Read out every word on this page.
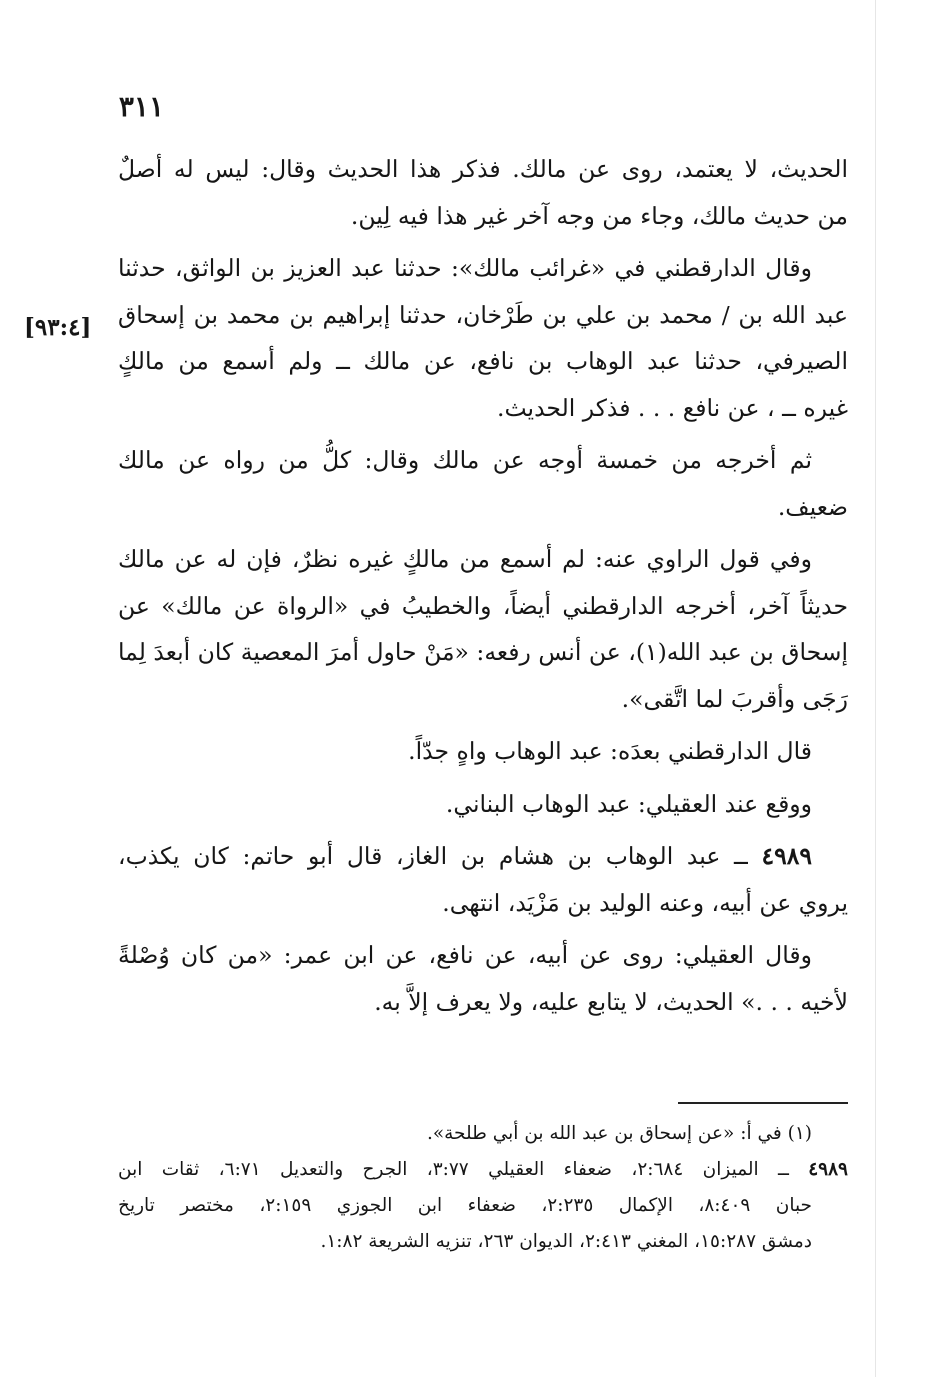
٣١١
[٩٣:٤]
الحديث، لا يعتمد، روى عن مالك. فذكر هذا الحديث وقال: ليس له أصلٌ
من حديث مالك، وجاء من وجه آخر غير هذا فيه لِين.
وقال الدارقطني في «غرائب مالك»: حدثنا عبد العزيز بن الواثق، حدثنا
عبد الله بن / محمد بن علي بن طَرْخان، حدثنا إبراهيم بن محمد بن إسحاق
الصيرفي، حدثنا عبد الوهاب بن نافع، عن مالك ــ ولم أسمع من مالكٍ
غيره ــ ، عن نافع . . . فذكر الحديث.
ثم أخرجه من خمسة أوجه عن مالك وقال: كلُّ من رواه عن مالك
ضعيف.
وفي قول الراوي عنه: لم أسمع من مالكٍ غيره نظرٌ، فإن له عن مالك
حديثاً آخر، أخرجه الدارقطني أيضاً، والخطيبُ في «الرواة عن مالك» عن
إسحاق بن عبد الله(١)، عن أنس رفعه: «مَنْ حاول أمرَ المعصية كان أبعدَ لِما
رَجَى وأقربَ لما اتَّقى».
قال الدارقطني بعدَه: عبد الوهاب واهٍ جدّاً.
ووقع عند العقيلي: عبد الوهاب البناني.
٤٩٨٩ ــ عبد الوهاب بن هشام بن الغاز، قال أبو حاتم: كان يكذب،
يروي عن أبيه، وعنه الوليد بن مَزْيَد، انتهى.
وقال العقيلي: روى عن أبيه، عن نافع، عن ابن عمر: «من كان وُصْلةً
لأخيه . . .» الحديث، لا يتابع عليه، ولا يعرف إلاَّ به.
(١) في أ: «عن إسحاق بن عبد الله بن أبي طلحة».
٤٩٨٩ ــ الميزان ٢:٦٨٤، ضعفاء العقيلي ٣:٧٧، الجرح والتعديل ٦:٧١، ثقات ابن
حبان ٨:٤٠٩، الإكمال ٢:٢٣٥، ضعفاء ابن الجوزي ٢:١٥٩، مختصر تاريخ
دمشق ١٥:٢٨٧، المغني ٢:٤١٣، الديوان ٢٦٣، تنزيه الشريعة ١:٨٢.
